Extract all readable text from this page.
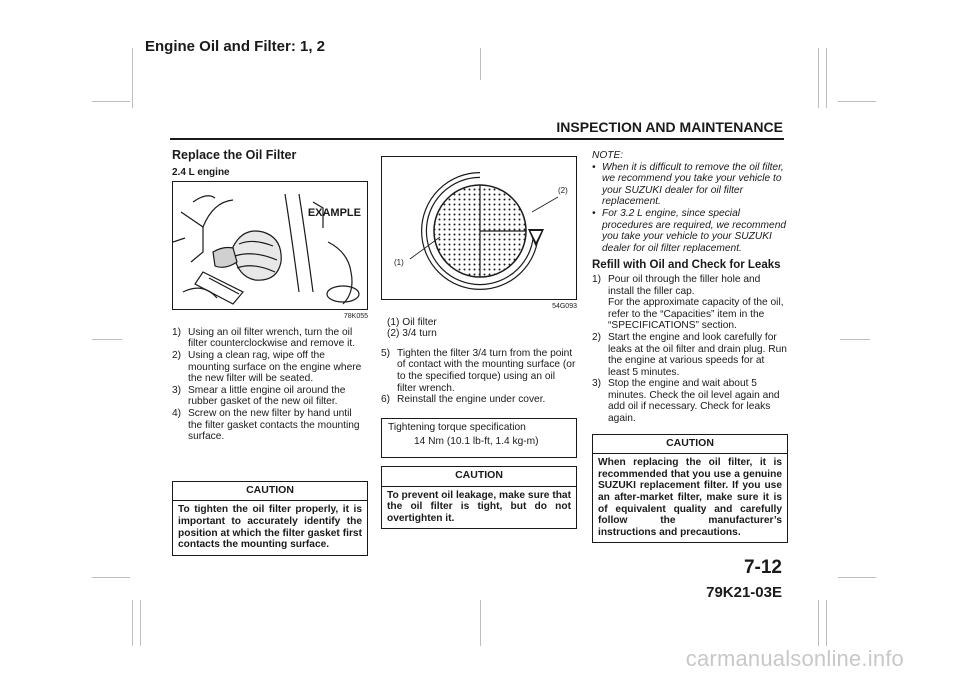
Engine Oil and Filter: 1, 2
INSPECTION AND MAINTENANCE
Replace the Oil Filter
2.4 L engine
EXAMPLE
78K055
1) Using an oil filter wrench, turn the oil filter counterclockwise and remove it.
2) Using a clean rag, wipe off the mounting surface on the engine where the new filter will be seated.
3) Smear a little engine oil around the rubber gasket of the new oil filter.
4) Screw on the new filter by hand until the filter gasket contacts the mounting surface.
CAUTION
To tighten the oil filter properly, it is important to accurately identify the position at which the filter gasket first contacts the mounting surface.
(1)
(2)
54G093
(1) Oil filter
(2) 3/4 turn
5) Tighten the filter 3/4 turn from the point of contact with the mounting surface (or to the specified torque) using an oil filter wrench.
6) Reinstall the engine under cover.
Tightening torque specification
14 Nm (10.1 lb-ft, 1.4 kg-m)
CAUTION
To prevent oil leakage, make sure that the oil filter is tight, but do not overtighten it.
NOTE:
• When it is difficult to remove the oil filter, we recommend you take your vehicle to your SUZUKI dealer for oil filter replacement.
• For 3.2 L engine, since special procedures are required, we recommend you take your vehicle to your SUZUKI dealer for oil filter replacement.
Refill with Oil and Check for Leaks
1) Pour oil through the filler hole and install the filler cap.
For the approximate capacity of the oil, refer to the “Capacities” item in the “SPECIFICATIONS” section.
2) Start the engine and look carefully for leaks at the oil filter and drain plug. Run the engine at various speeds for at least 5 minutes.
3) Stop the engine and wait about 5 minutes. Check the oil level again and add oil if necessary. Check for leaks again.
CAUTION
When replacing the oil filter, it is recommended that you use a genuine SUZUKI replacement filter. If you use an after-market filter, make sure it is of equivalent quality and carefully follow the manufacturer’s instructions and precautions.
7-12
79K21-03E
carmanualsonline.info
